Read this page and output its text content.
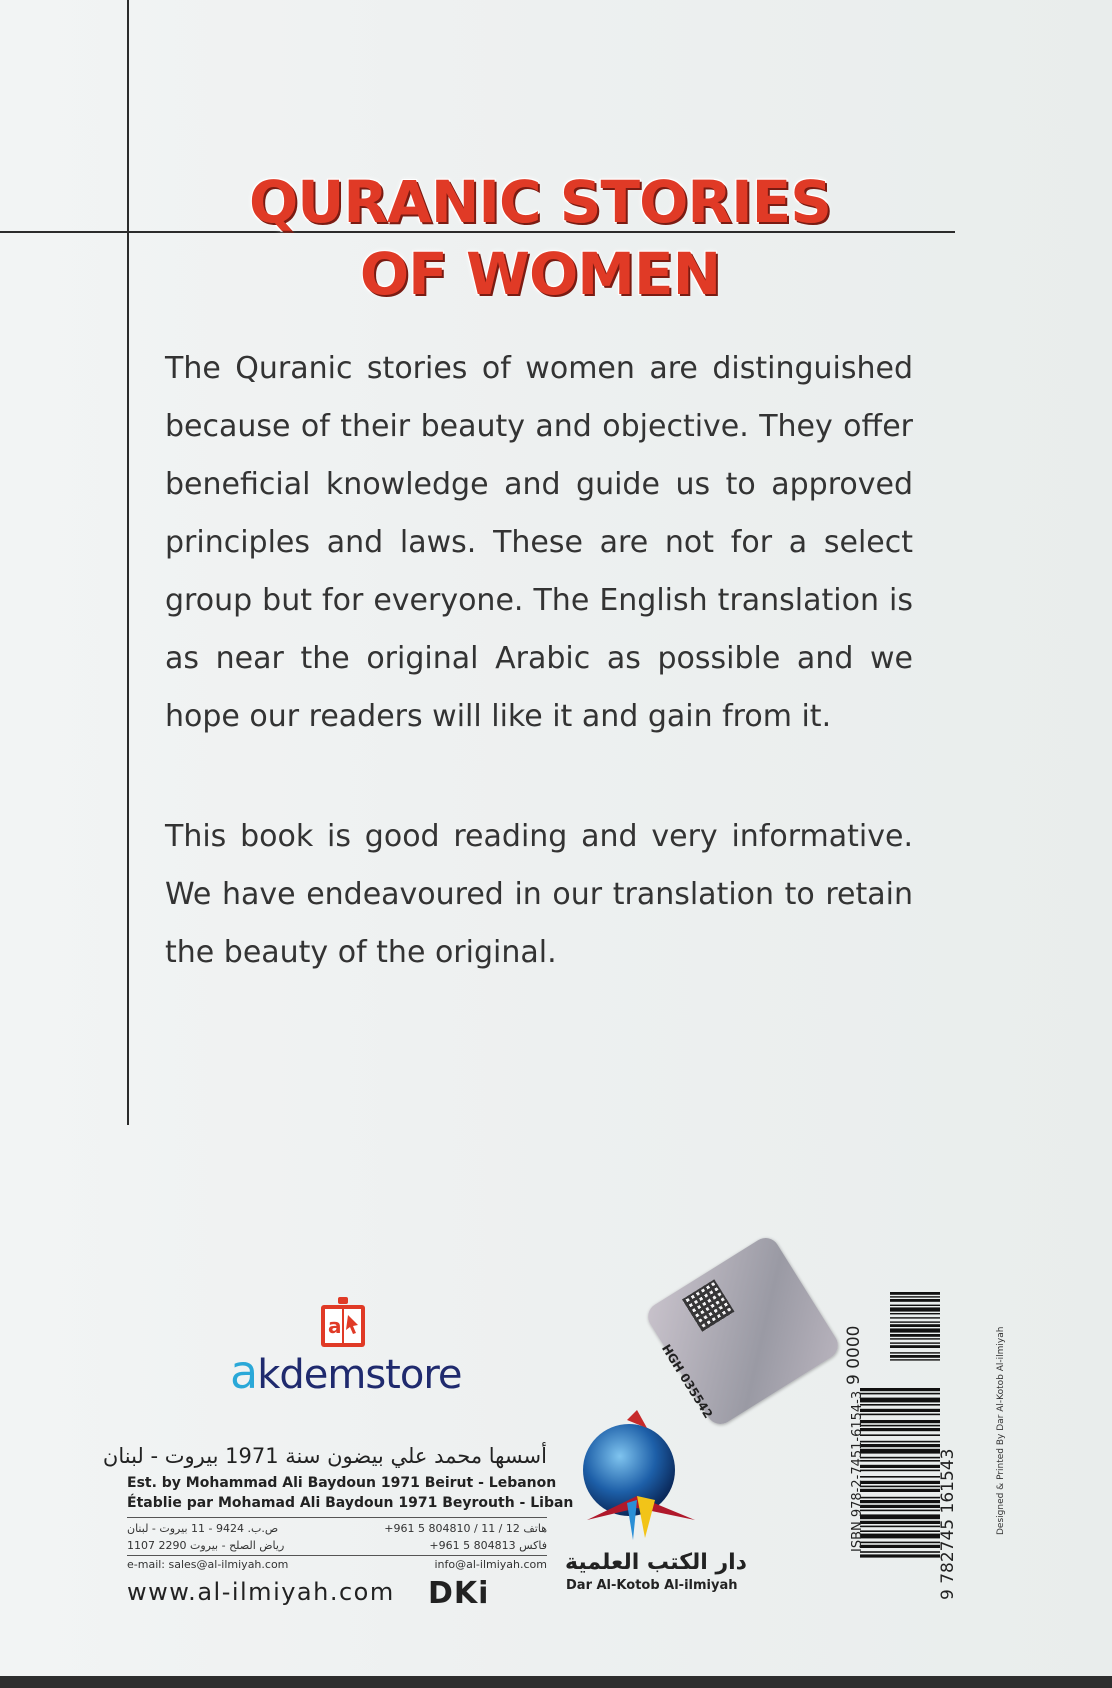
QURANIC STORIES
OF WOMEN

The Quranic stories of women are distinguished because of their beauty and objective. They offer beneficial knowledge and guide us to approved principles and laws. These are not for a select group but for everyone. The English translation is as near the original Arabic as possible and we hope our readers will like it and gain from it.

This book is good reading and very informative. We have endeavoured in our translation to retain the beauty of the original.

a
akdemstore
أسسها محمد علي بيضون سنة 1971 بيروت - لبنان
Est. by Mohammad Ali Baydoun 1971 Beirut - Lebanon
Établie par Mohamad Ali Baydoun 1971 Beyrouth - Liban
ص.ب. 9424 - 11 بيروت - لبنان	+961 5 804810 / 11 / 12 هاتف
رياض الصلح - بيروت 2290 1107	+961 5 804813 فاكس
e-mail: sales@al-ilmiyah.com	info@al-ilmiyah.com
www.al-ilmiyah.com DKi
دار الكتب العلمية
Dar Al-Kotob Al-ilmiyah
HGH 035542
ISBN 978-2-7451-6154-3	9 782745 161543
9 0000	Designed & Printed By Dar Al-Kotob Al-ilmiyah
